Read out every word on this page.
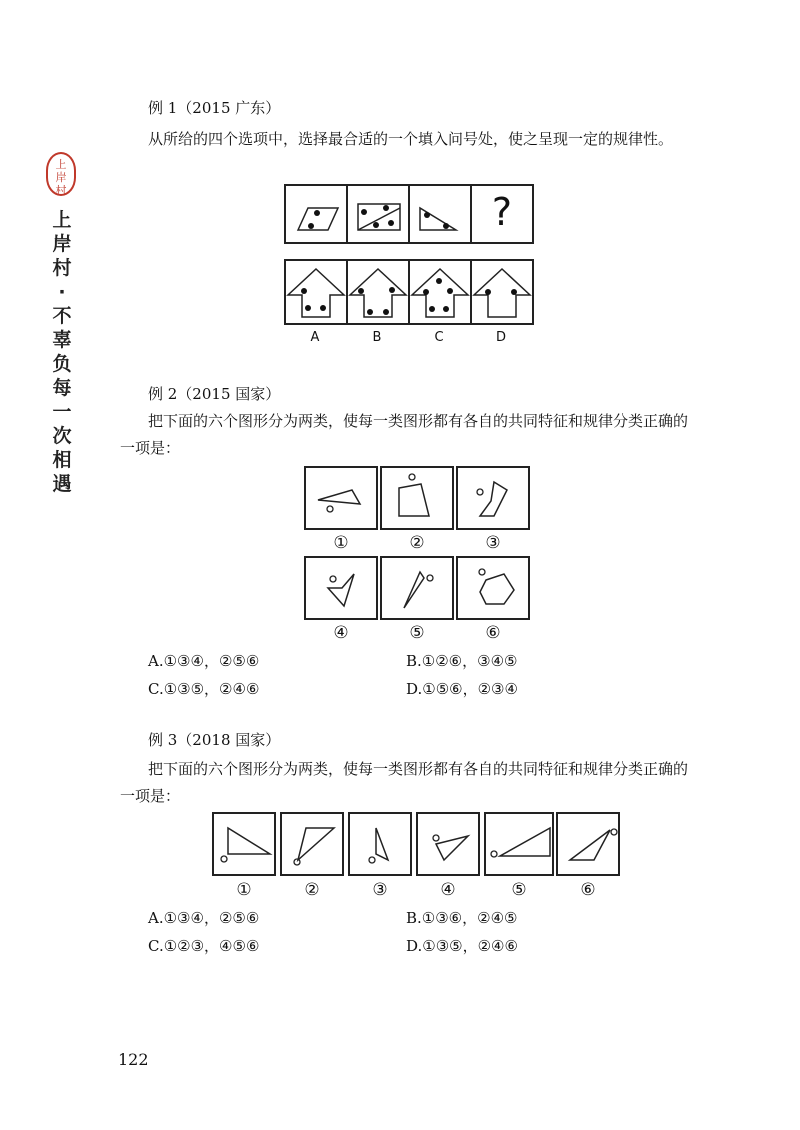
上
岸
村
上
岸
村
·
不
辜
负
每
一
次
相
遇
例 1（2015 广东）
从所给的四个选项中，选择最合适的一个填入问号处，使之呈现一定的规律性。
?
A	B	C	D
例 2（2015 国家）
把下面的六个图形分为两类，使每一类图形都有各自的共同特征和规律分类正确的一项是：
①	②	③
④	⑤	⑥
A.①③④，②⑤⑥	B.①②⑥，③④⑤
C.①③⑤，②④⑥	D.①⑤⑥，②③④
例 3（2018 国家）
把下面的六个图形分为两类，使每一类图形都有各自的共同特征和规律分类正确的一项是：
①	②	③	④	⑤	⑥
A.①③④，②⑤⑥	B.①③⑥，②④⑤
C.①②③，④⑤⑥	D.①③⑤，②④⑥
122
